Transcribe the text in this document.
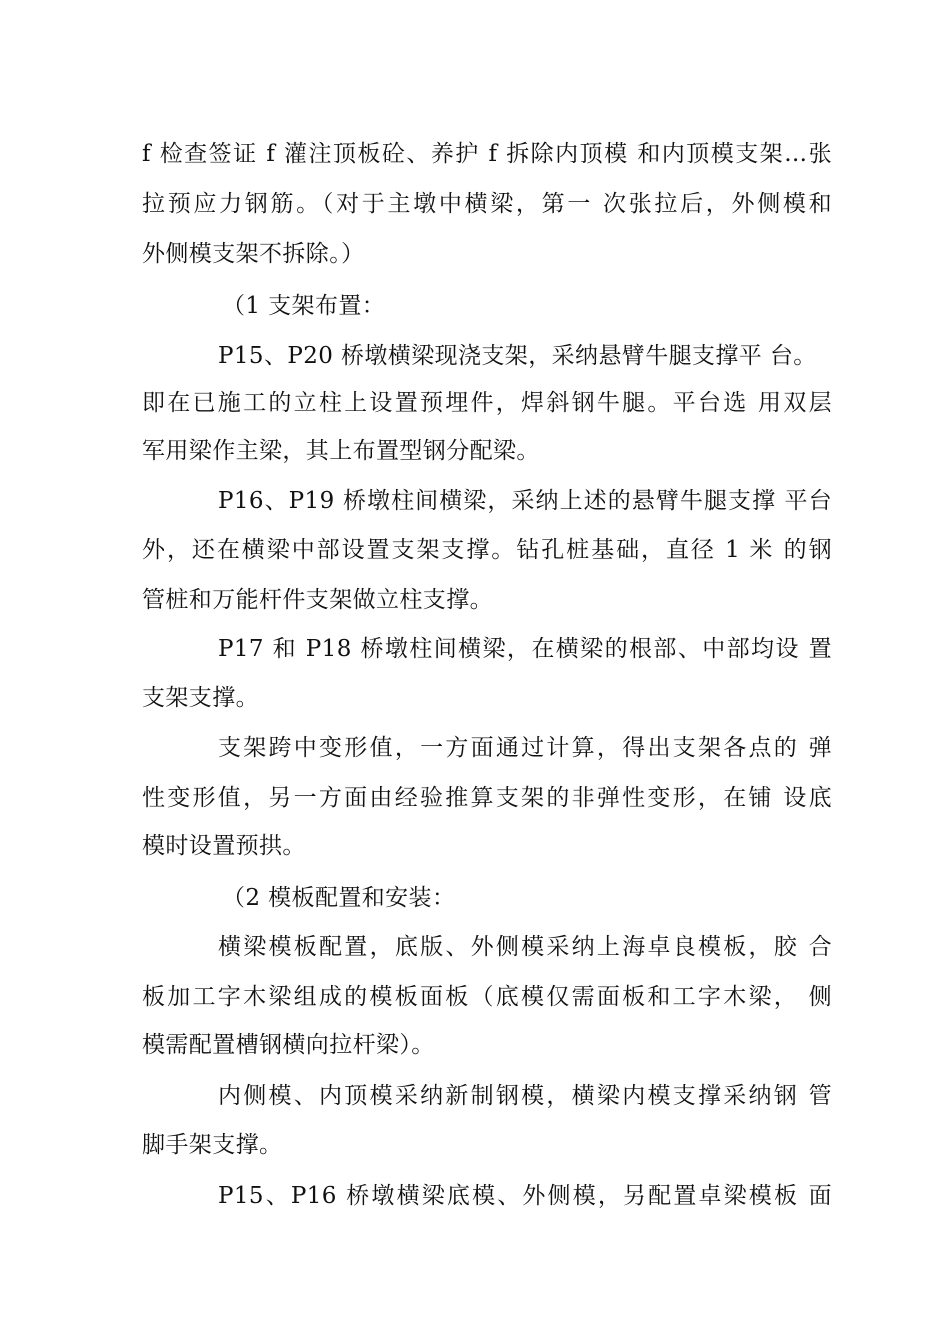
f 检查签证 f 灌注顶板砼、养护 f 拆除内顶模 和内顶模支架…张
拉预应力钢筋。（对于主墩中横梁，第一 次张拉后，外侧模和
外侧模支架不拆除。）
（1 支架布置：
P15、P20 桥墩横梁现浇支架，采纳悬臂牛腿支撑平 台。
即在已施工的立柱上设置预埋件，焊斜钢牛腿。平台选 用双层
军用梁作主梁，其上布置型钢分配梁。
P16、P19 桥墩柱间横梁，采纳上述的悬臂牛腿支撑 平台
外，还在横梁中部设置支架支撑。钻孔桩基础，直径 1 米 的钢
管桩和万能杆件支架做立柱支撑。
P17 和 P18 桥墩柱间横梁，在横梁的根部、中部均设 置
支架支撑。
支架跨中变形值，一方面通过计算，得出支架各点的 弹
性变形值，另一方面由经验推算支架的非弹性变形，在铺 设底
模时设置预拱。
（2 模板配置和安装：
横梁模板配置，底版、外侧模采纳上海卓良模板，胶 合
板加工字木梁组成的模板面板（底模仅需面板和工字木梁， 侧
模需配置槽钢横向拉杆梁）。
内侧模、内顶模采纳新制钢模，横梁内模支撑采纳钢 管
脚手架支撑。
P15、P16 桥墩横梁底模、外侧模，另配置卓梁模板 面
